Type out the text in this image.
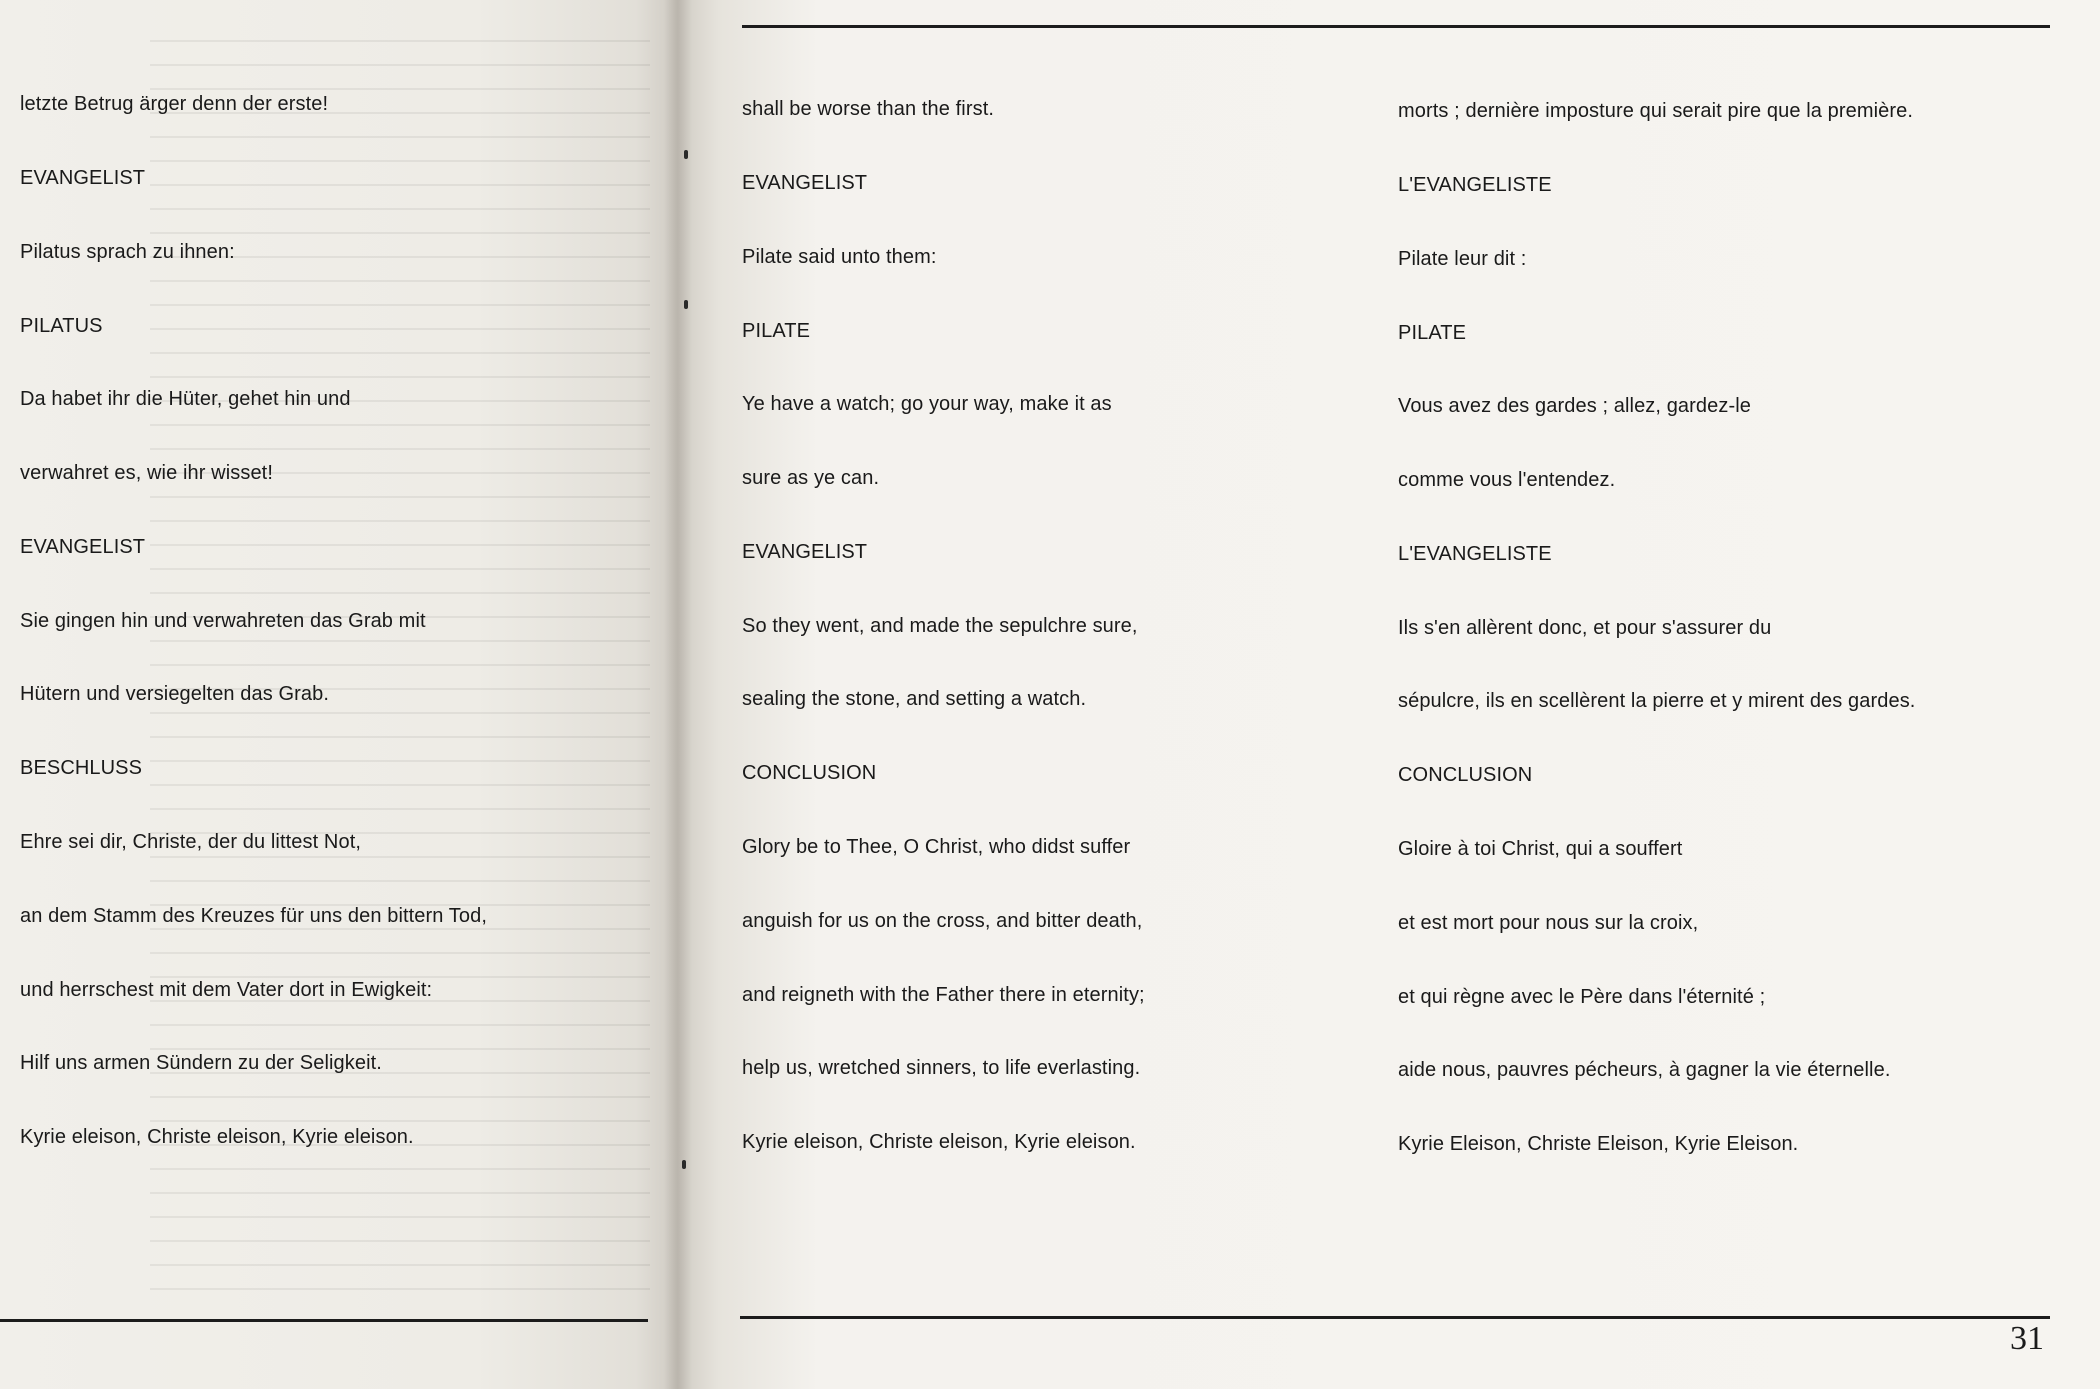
letzte Betrug ärger denn der erste!

EVANGELIST

Pilatus sprach zu ihnen:

PILATUS

Da habet ihr die Hüter, gehet hin und

verwahret es, wie ihr wisset!

EVANGELIST

Sie gingen hin und verwahreten das Grab mit

Hütern und versiegelten das Grab.

BESCHLUSS

Ehre sei dir, Christe, der du littest Not,

an dem Stamm des Kreuzes für uns den bittern Tod,

und herrschest mit dem Vater dort in Ewigkeit:

Hilf uns armen Sündern zu der Seligkeit.

Kyrie eleison, Christe eleison, Kyrie eleison.

shall be worse than the first.

EVANGELIST

Pilate said unto them:

PILATE

Ye have a watch; go your way, make it as

sure as ye can.

EVANGELIST

So they went, and made the sepulchre sure,

sealing the stone, and setting a watch.

CONCLUSION

Glory be to Thee, O Christ, who didst suffer

anguish for us on the cross, and bitter death,

and reigneth with the Father there in eternity;

help us, wretched sinners, to life everlasting.

Kyrie eleison, Christe eleison, Kyrie eleison.

morts ; dernière imposture qui serait pire que la première.

L'EVANGELISTE

Pilate leur dit :

PILATE

Vous avez des gardes ; allez, gardez-le

comme vous l'entendez.

L'EVANGELISTE

Ils s'en allèrent donc, et pour s'assurer du

sépulcre, ils en scellèrent la pierre et y mirent des gardes.

CONCLUSION

Gloire à toi Christ, qui a souffert

et est mort pour nous sur la croix,

et qui règne avec le Père dans l'éternité ;

aide nous, pauvres pécheurs, à gagner la vie éternelle.

Kyrie Eleison, Christe Eleison, Kyrie Eleison.

31
